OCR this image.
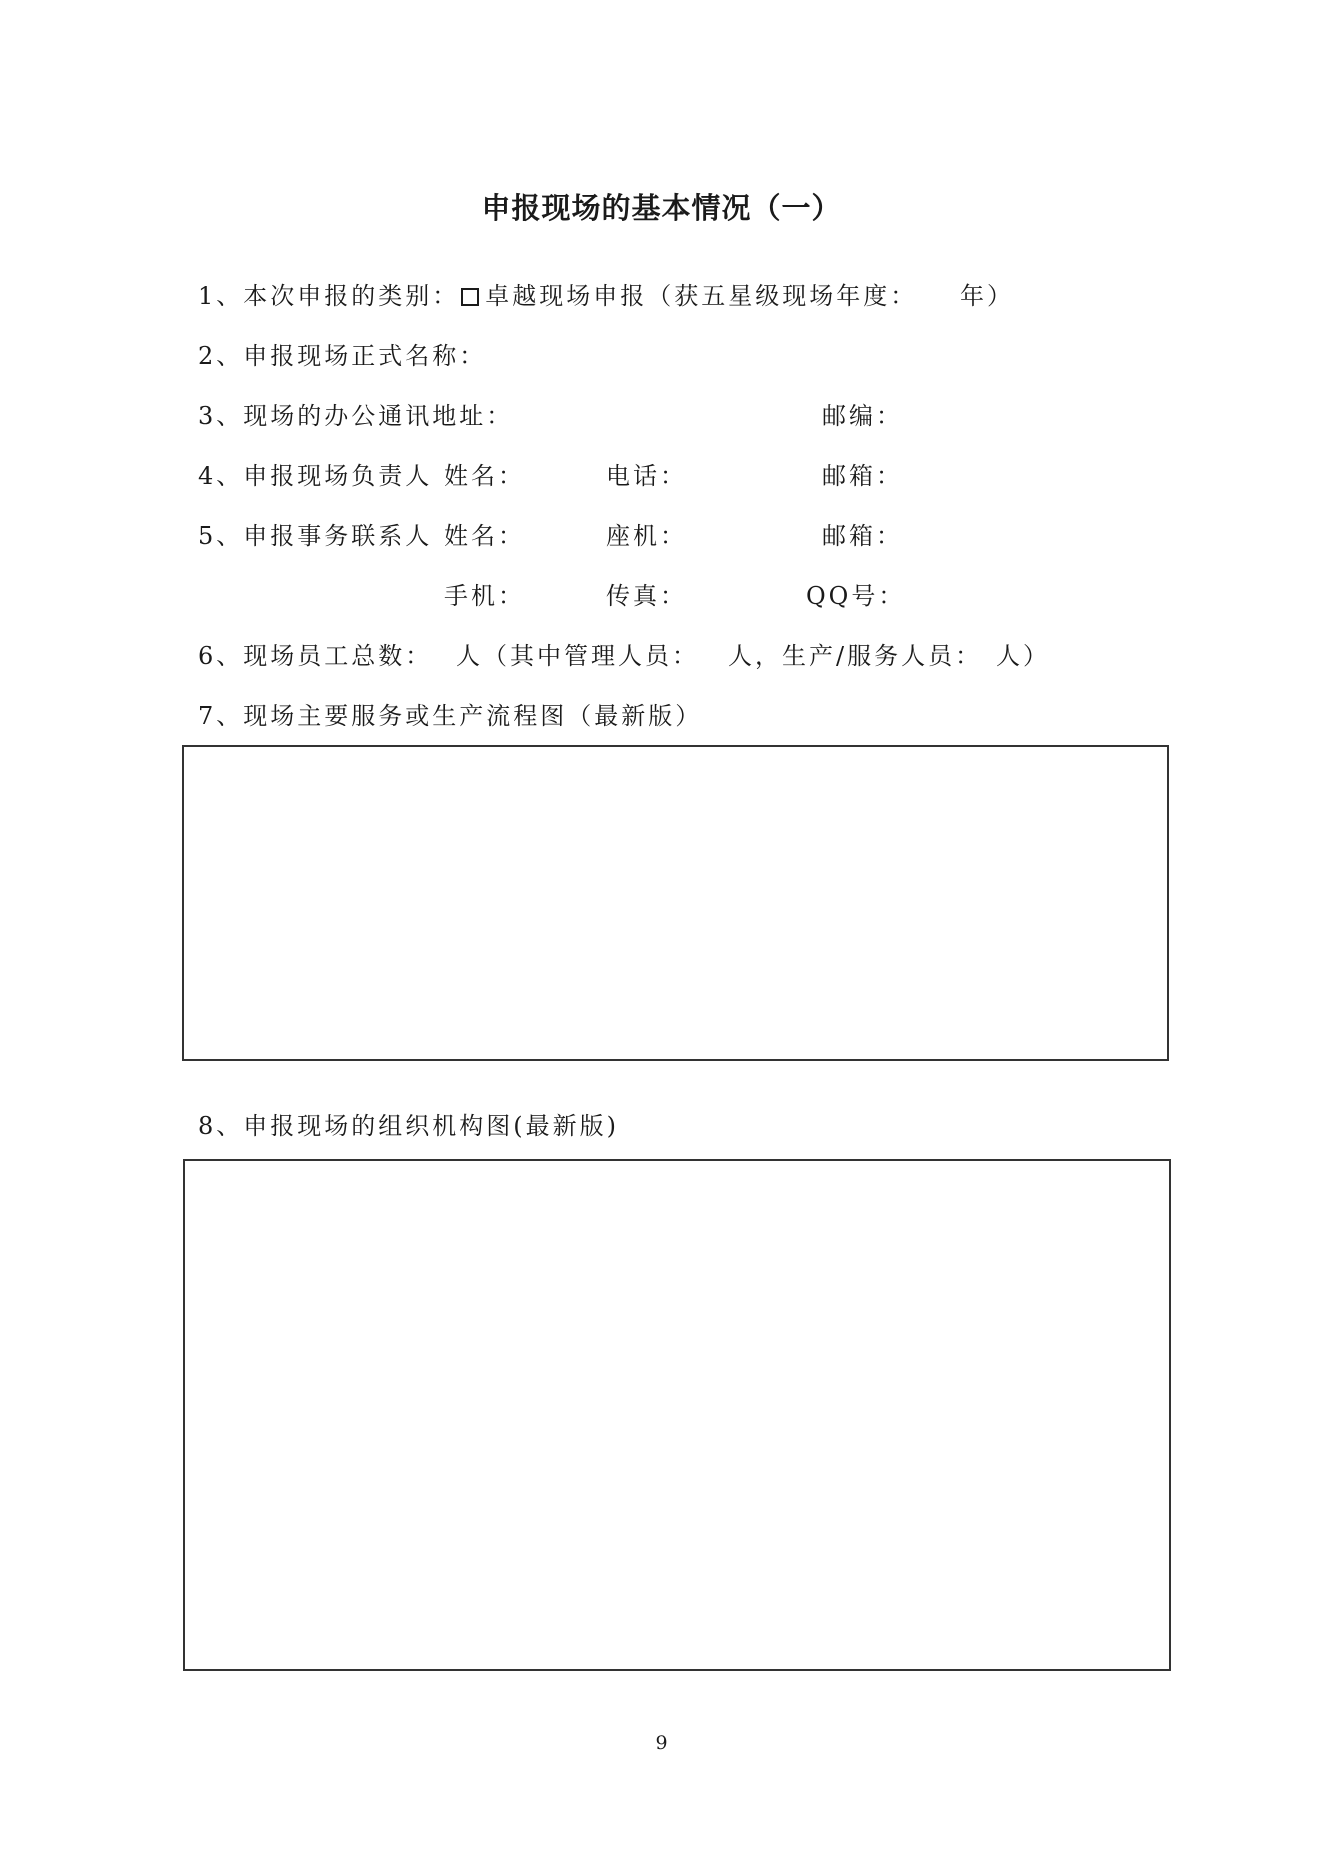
申报现场的基本情况（一）
1、本次申报的类别： 卓越现场申报（获五星级现场年度： 年）
2、申报现场正式名称：
3、现场的办公通讯地址：	邮编：
4、申报现场负责人 姓名：	电话：	邮箱：
5、申报事务联系人 姓名：	座机：	邮箱：
手机：	传真：	QQ号：
6、现场员工总数： 人（其中管理人员： 人，生产/服务人员： 人）
7、现场主要服务或生产流程图（最新版）
8、申报现场的组织机构图(最新版)
9
